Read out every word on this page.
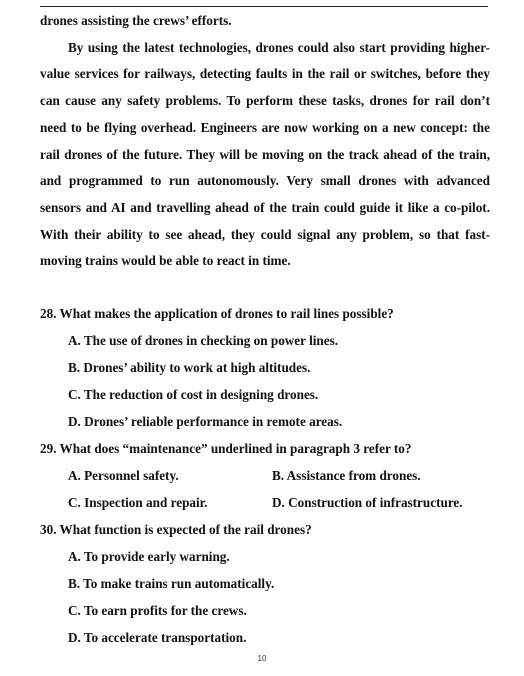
drones assisting the crews’ efforts.

By using the latest technologies, drones could also start providing higher-value services for railways, detecting faults in the rail or switches, before they can cause any safety problems. To perform these tasks, drones for rail don’t need to be flying overhead. Engineers are now working on a new concept: the rail drones of the future. They will be moving on the track ahead of the train, and programmed to run autonomously. Very small drones with advanced sensors and AI and travelling ahead of the train could guide it like a co-pilot. With their ability to see ahead, they could signal any problem, so that fast-moving trains would be able to react in time.

28. What makes the application of drones to rail lines possible?
A. The use of drones in checking on power lines.
B. Drones’ ability to work at high altitudes.
C. The reduction of cost in designing drones.
D. Drones’ reliable performance in remote areas.
29. What does “maintenance” underlined in paragraph 3 refer to?
A. Personnel safety.	B. Assistance from drones.
C. Inspection and repair.	D. Construction of infrastructure.
30. What function is expected of the rail drones?
A. To provide early warning.
B. To make trains run automatically.
C. To earn profits for the crews.
D. To accelerate transportation.
10
